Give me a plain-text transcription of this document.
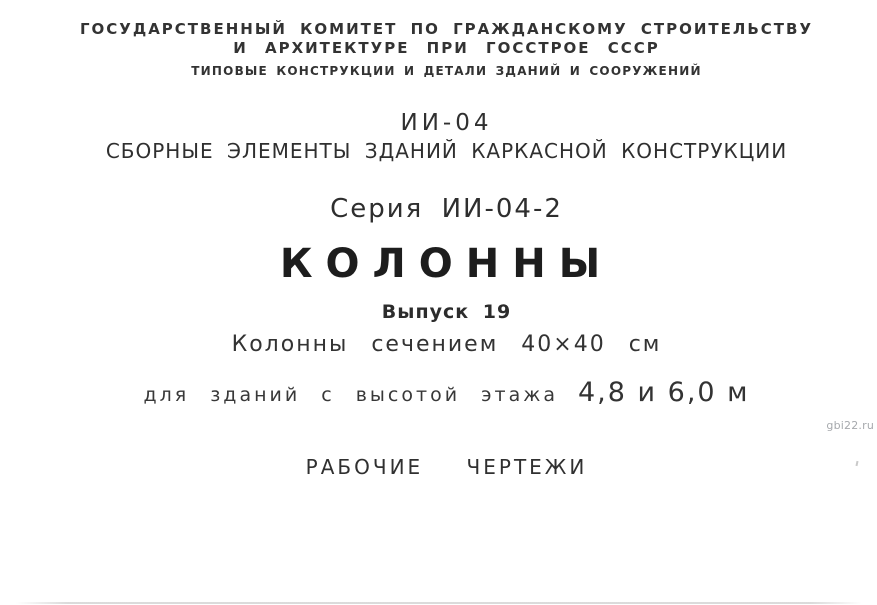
ГОСУДАРСТВЕННЫЙ КОМИТЕТ ПО ГРАЖДАНСКОМУ СТРОИТЕЛЬСТВУ
И АРХИТЕКТУРЕ ПРИ ГОССТРОЕ СССР
ТИПОВЫЕ КОНСТРУКЦИИ И ДЕТАЛИ ЗДАНИЙ И СООРУЖЕНИЙ
ИИ-04
СБОРНЫЕ ЭЛЕМЕНТЫ ЗДАНИЙ КАРКАСНОЙ КОНСТРУКЦИИ
Серия ИИ-04-2
КОЛОННЫ
Выпуск 19
Колонны сечением 40×40 см
для зданий с высотой этажа 4,8 и 6,0 м
РАБОЧИЕ ЧЕРТЕЖИ
gbi22.ru
